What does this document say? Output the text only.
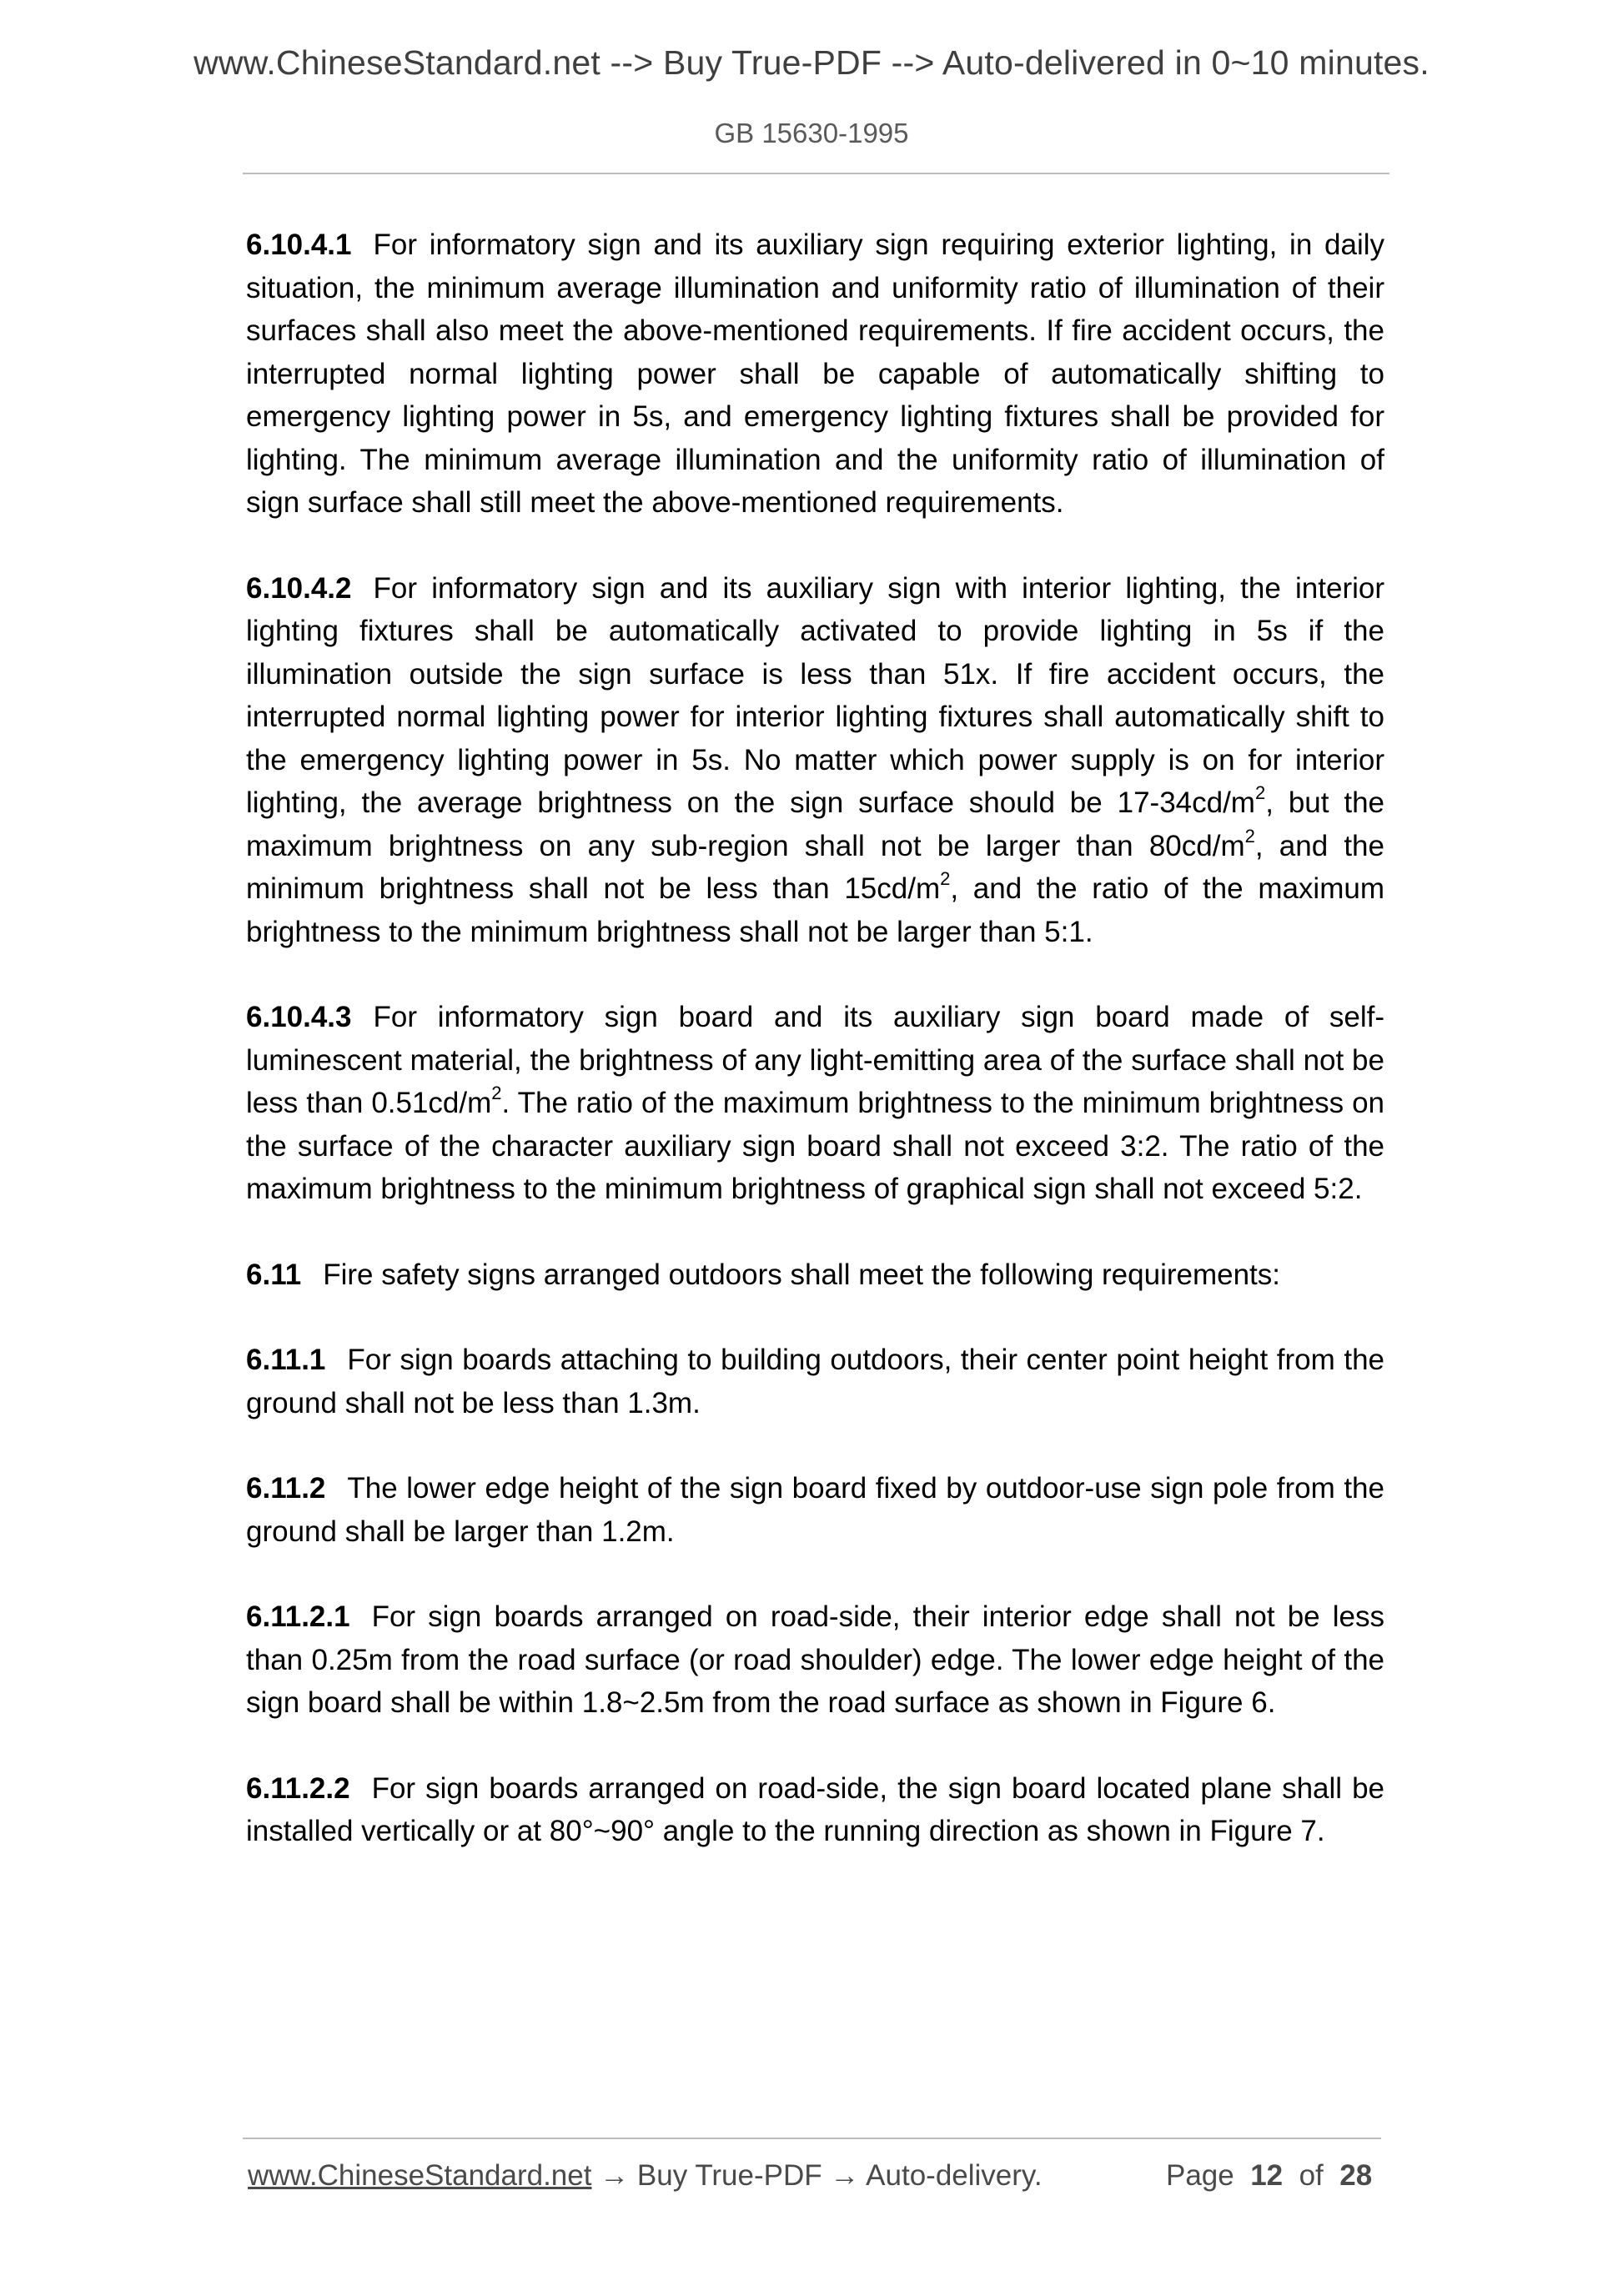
www.ChineseStandard.net --> Buy True-PDF --> Auto-delivered in 0~10 minutes.
GB 15630-1995

6.10.4.1 For informatory sign and its auxiliary sign requiring exterior lighting, in daily situation, the minimum average illumination and uniformity ratio of illumination of their surfaces shall also meet the above-mentioned requirements. If fire accident occurs, the interrupted normal lighting power shall be capable of automatically shifting to emergency lighting power in 5s, and emergency lighting fixtures shall be provided for lighting. The minimum average illumination and the uniformity ratio of illumination of sign surface shall still meet the above-mentioned requirements.

6.10.4.2 For informatory sign and its auxiliary sign with interior lighting, the interior lighting fixtures shall be automatically activated to provide lighting in 5s if the illumination outside the sign surface is less than 51x. If fire accident occurs, the interrupted normal lighting power for interior lighting fixtures shall automatically shift to the emergency lighting power in 5s. No matter which power supply is on for interior lighting, the average brightness on the sign surface should be $17-34cd/m^2$, but the maximum brightness on any sub-region shall not be larger than $80cd/m^2$, and the minimum brightness shall not be less than $15cd/m^2$, and the ratio of the maximum brightness to the minimum brightness shall not be larger than 5:1.

6.10.4.3 For informatory sign board and its auxiliary sign board made of self-luminescent material, the brightness of any light-emitting area of the surface shall not be less than $0.51cd/m^2$. The ratio of the maximum brightness to the minimum brightness on the surface of the character auxiliary sign board shall not exceed 3:2. The ratio of the maximum brightness to the minimum brightness of graphical sign shall not exceed 5:2.

6.11 Fire safety signs arranged outdoors shall meet the following requirements:

6.11.1 For sign boards attaching to building outdoors, their center point height from the ground shall not be less than 1.3m.

6.11.2 The lower edge height of the sign board fixed by outdoor-use sign pole from the ground shall be larger than 1.2m.

6.11.2.1 For sign boards arranged on road-side, their interior edge shall not be less than 0.25m from the road surface (or road shoulder) edge. The lower edge height of the sign board shall be within 1.8~2.5m from the road surface as shown in Figure 6.

6.11.2.2 For sign boards arranged on road-side, the sign board located plane shall be installed vertically or at 80°~90° angle to the running direction as shown in Figure 7.

www.ChineseStandard.net → Buy True-PDF → Auto-delivery.	Page 12 of 28
